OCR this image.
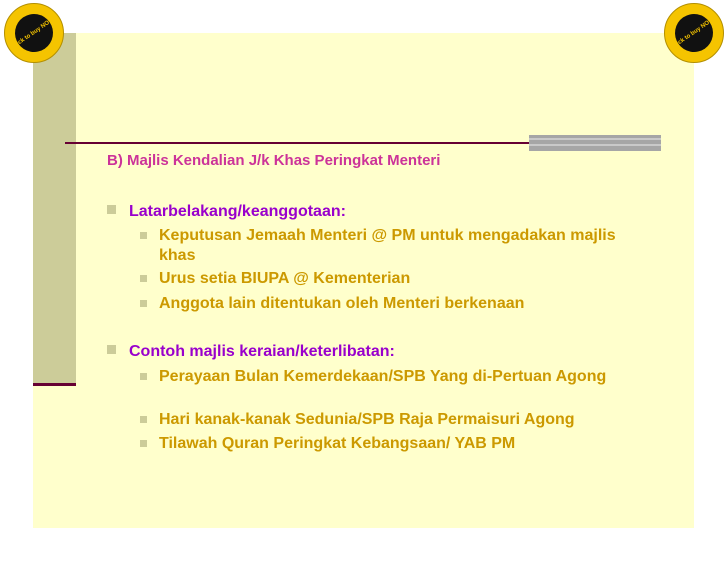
Click to buy NOW!	Click to buy NOW!
B) Majlis Kendalian J/k Khas Peringkat Menteri
Latarbelakang/keanggotaan:
Keputusan Jemaah Menteri @ PM untuk mengadakan majlis khas
Urus setia BIUPA @ Kementerian
Anggota lain ditentukan oleh Menteri berkenaan
Contoh majlis keraian/keterlibatan:
Perayaan Bulan Kemerdekaan/SPB Yang di-Pertuan Agong
Hari kanak-kanak Sedunia/SPB Raja Permaisuri Agong
Tilawah Quran Peringkat Kebangsaan/ YAB PM
